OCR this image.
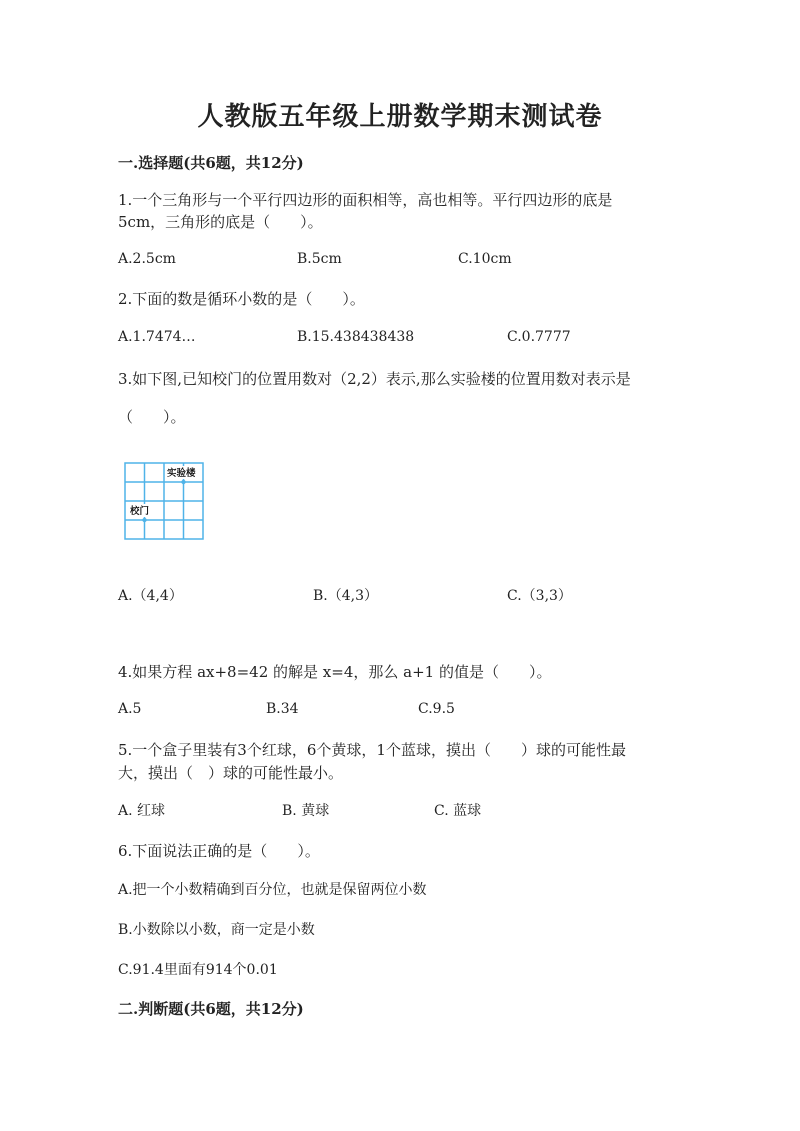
人教版五年级上册数学期末测试卷
一.选择题(共6题，共12分)
1.一个三角形与一个平行四边形的面积相等，高也相等。平行四边形的底是
5cm，三角形的底是（　　）。
A.2.5cm	B.5cm	C.10cm
2.下面的数是循环小数的是（　　）。
A.1.7474…	B.15.438438438	C.0.7777
3.如下图,已知校门的位置用数对（2,2）表示,那么实验楼的位置用数对表示是
（　　）。
实验楼
校门
A.（4,4）	B.（4,3）	C.（3,3）
4.如果方程 ax+8=42 的解是 x=4，那么 a+1 的值是（　　）。
A.5	B.34	C.9.5
5.一个盒子里装有3个红球，6个黄球，1个蓝球，摸出（　　）球的可能性最
大，摸出（　）球的可能性最小。
A. 红球	B. 黄球	C. 蓝球
6.下面说法正确的是（　　）。
A.把一个小数精确到百分位，也就是保留两位小数
B.小数除以小数，商一定是小数
C.91.4里面有914个0.01
二.判断题(共6题，共12分)
